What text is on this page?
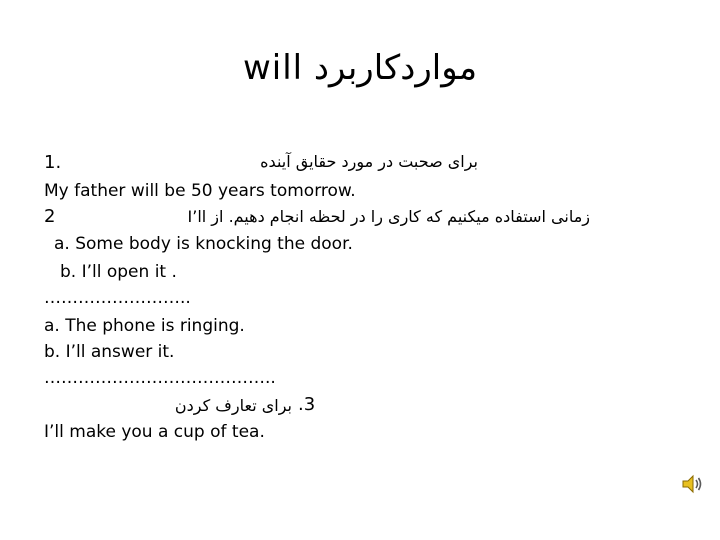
مواردکاربرد will
1.	برای صحبت در مورد حقایق آینده
My father will be 50 years tomorrow.
2	زمانی استفاده میکنیم که کاری را در لحظه انجام دهیم. از I’ll
a. Some body is knocking the door.
b. I’ll open it .
……………………..
a. The phone is ringing.
b. I’ll answer it.
…………………………………..
برای تعارف کردن .3
I’ll make you a cup of tea.
